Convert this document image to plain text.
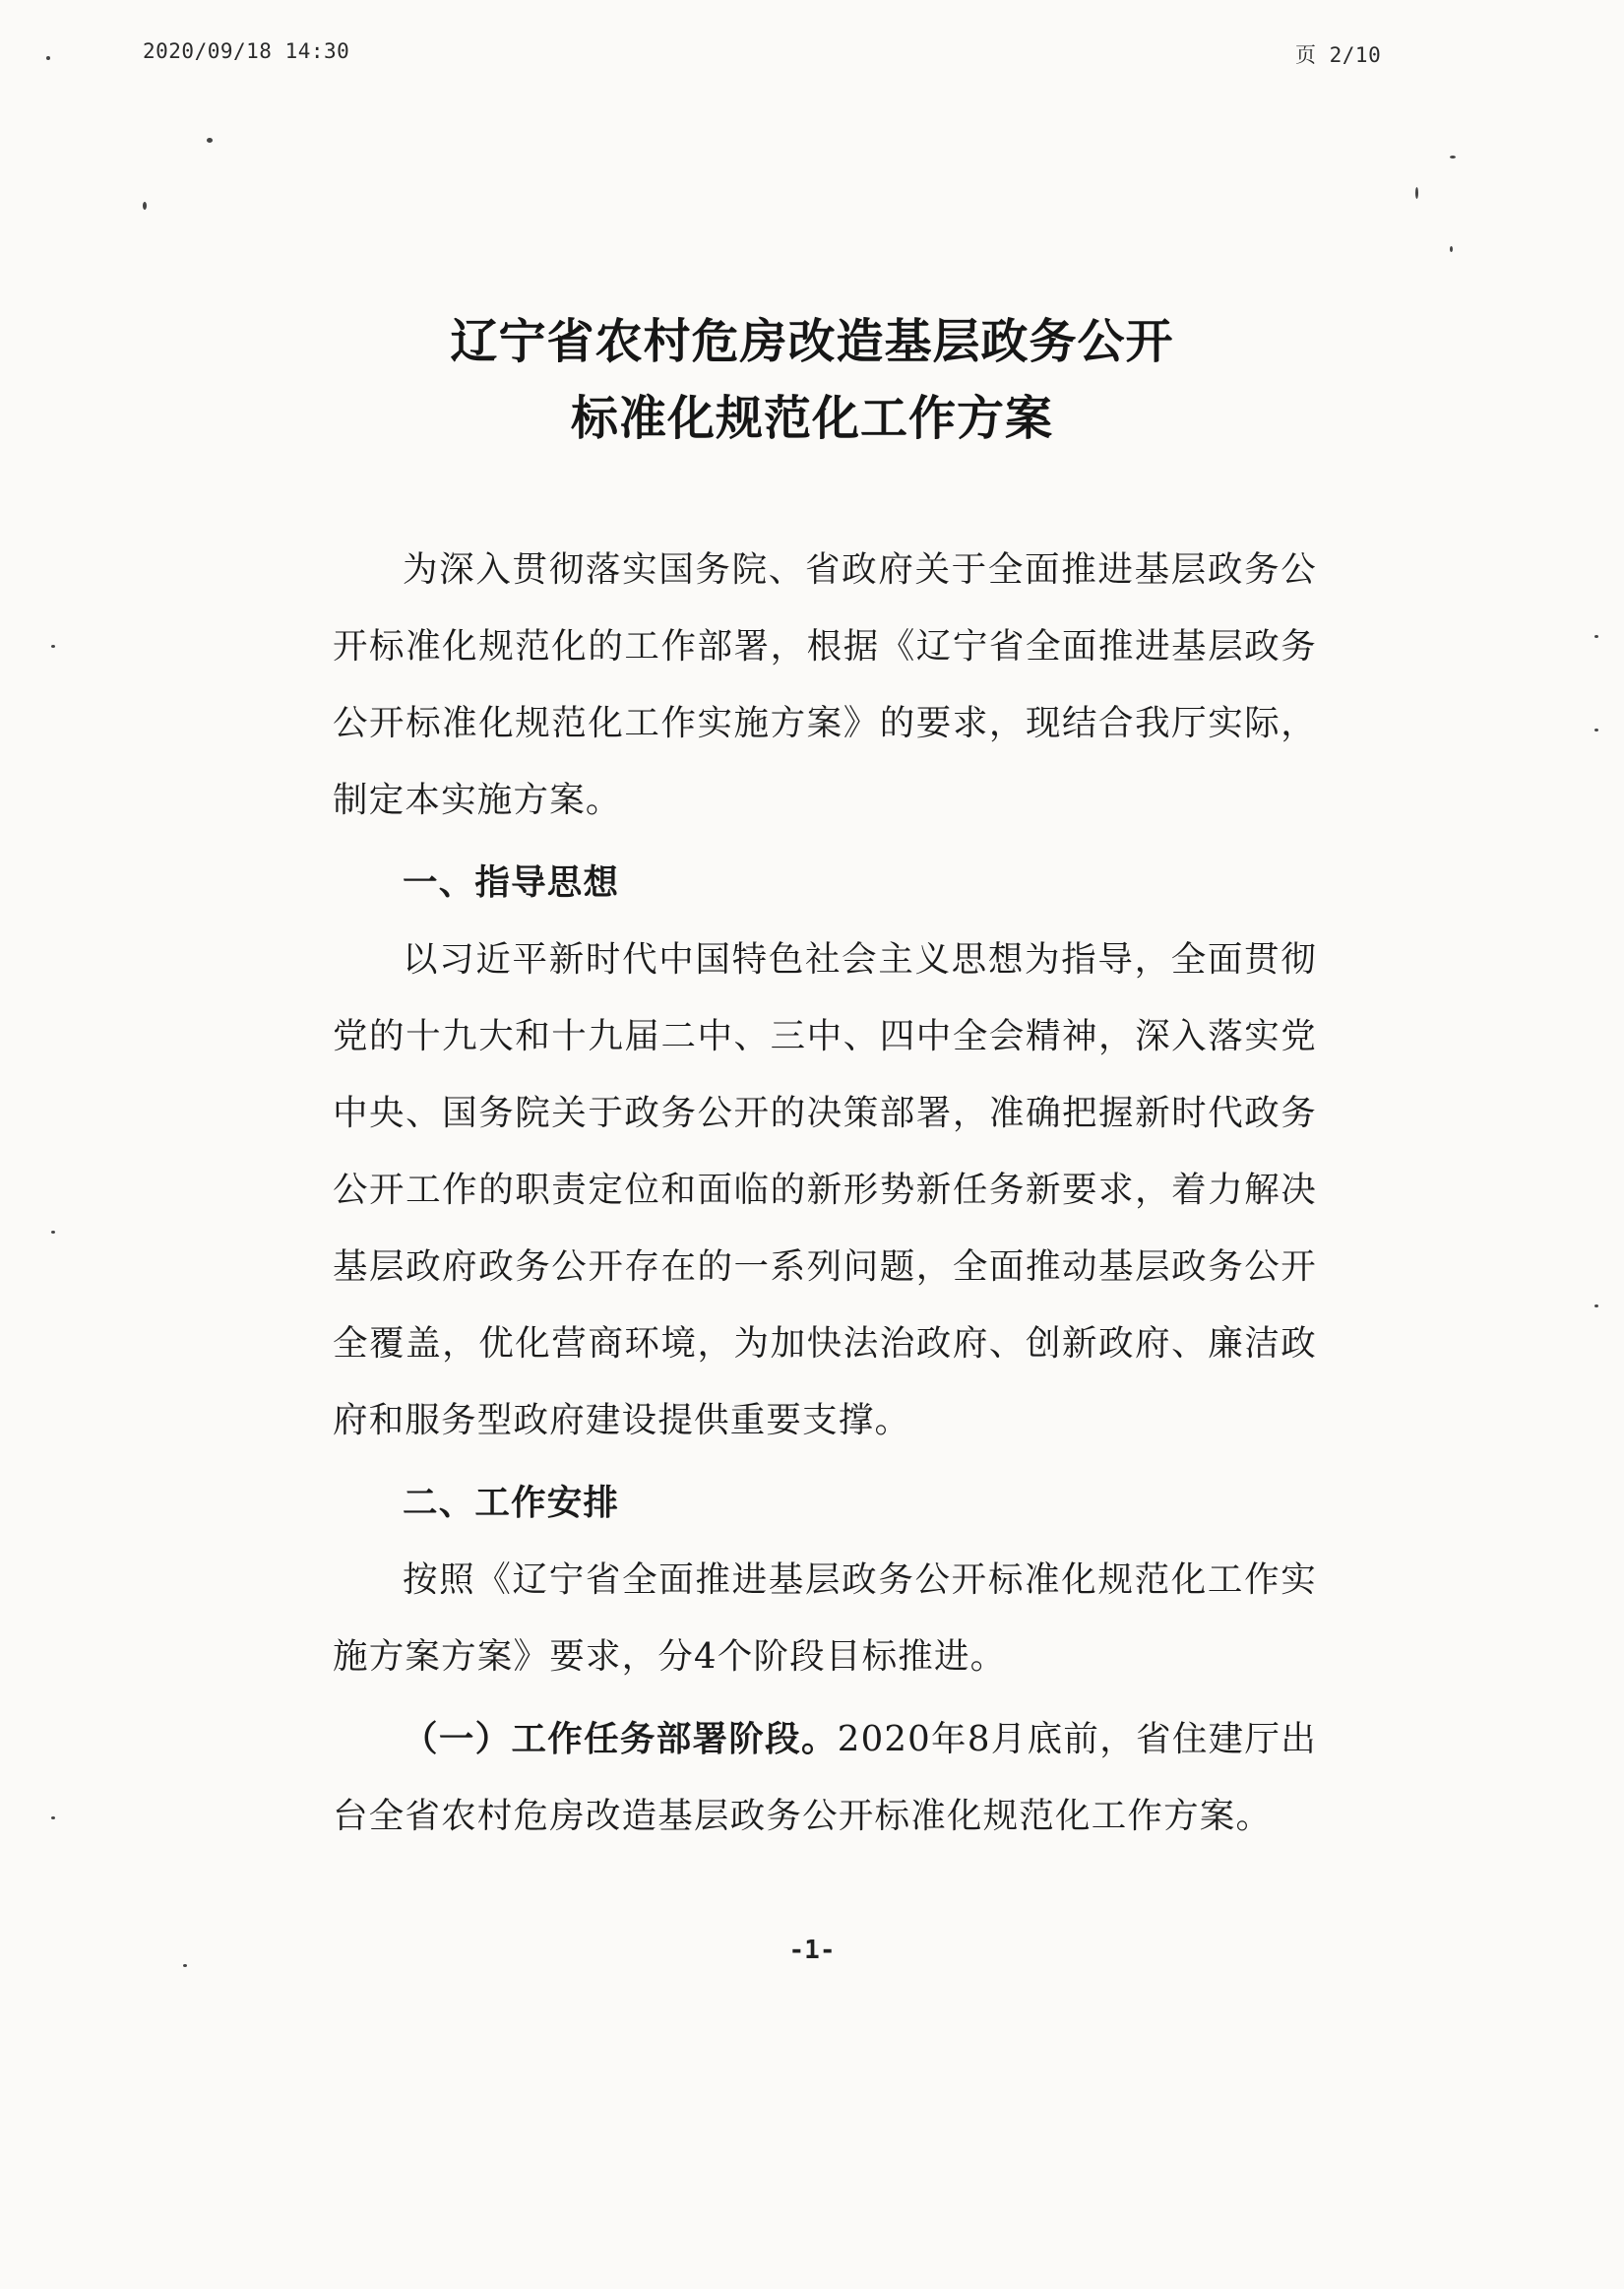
2020/09/18 14:30	页 2/10
辽宁省农村危房改造基层政务公开
标准化规范化工作方案

为深入贯彻落实国务院、省政府关于全面推进基层政务公开标准化规范化的工作部署，根据《辽宁省全面推进基层政务公开标准化规范化工作实施方案》的要求，现结合我厅实际，制定本实施方案。

一、指导思想

以习近平新时代中国特色社会主义思想为指导，全面贯彻党的十九大和十九届二中、三中、四中全会精神，深入落实党中央、国务院关于政务公开的决策部署，准确把握新时代政务公开工作的职责定位和面临的新形势新任务新要求，着力解决基层政府政务公开存在的一系列问题，全面推动基层政务公开全覆盖，优化营商环境，为加快法治政府、创新政府、廉洁政府和服务型政府建设提供重要支撑。

二、工作安排

按照《辽宁省全面推进基层政务公开标准化规范化工作实施方案方案》要求，分4个阶段目标推进。

（一）工作任务部署阶段。2020年8月底前，省住建厅出台全省农村危房改造基层政务公开标准化规范化工作方案。

-1-
